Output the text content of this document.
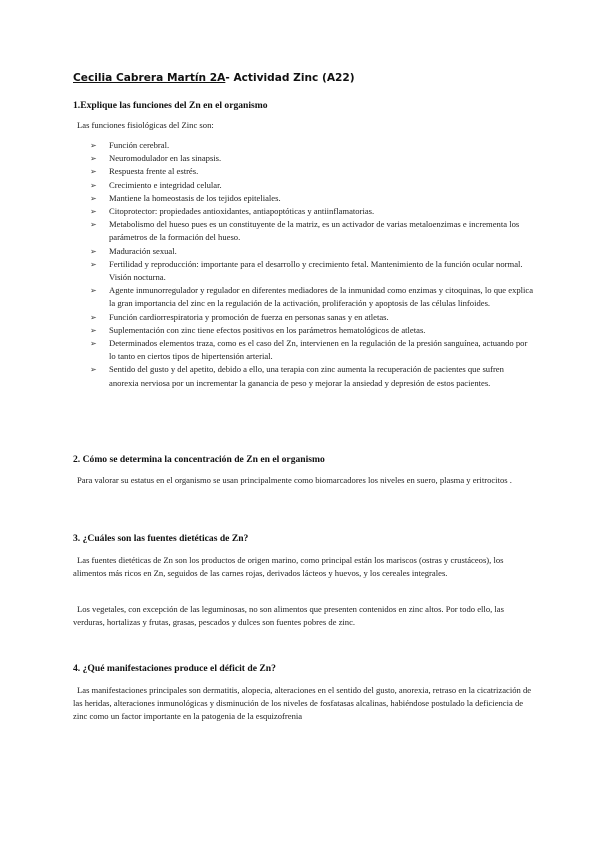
Cecilia Cabrera Martín 2A- Actividad Zinc (A22)
1.Explique las funciones del Zn en el organismo
Las funciones fisiológicas del Zinc son:
➢ Función cerebral.
➢ Neuromodulador en las sinapsis.
➢ Respuesta frente al estrés.
➢ Crecimiento e integridad celular.
➢ Mantiene la homeostasis de los tejidos epiteliales.
➢ Citoprotector: propiedades antioxidantes, antiapoptóticas y antiinflamatorias.
➢ Metabolismo del hueso pues es un constituyente de la matriz, es un activador de varias metaloenzimas e incrementa los parámetros de la formación del hueso.
➢ Maduración sexual.
➢ Fertilidad y reproducción: importante para el desarrollo y crecimiento fetal. Mantenimiento de la función ocular normal. Visión nocturna.
➢ Agente inmunorregulador y regulador en diferentes mediadores de la inmunidad como enzimas y citoquinas, lo que explica la gran importancia del zinc en la regulación de la activación, proliferación y apoptosis de las células linfoides.
➢ Función cardiorrespiratoria y promoción de fuerza en personas sanas y en atletas.
➢ Suplementación con zinc tiene efectos positivos en los parámetros hematológicos de atletas.
➢ Determinados elementos traza, como es el caso del Zn, intervienen en la regulación de la presión sanguínea, actuando por lo tanto en ciertos tipos de hipertensión arterial.
➢ Sentido del gusto y del apetito, debido a ello, una terapia con zinc aumenta la recuperación de pacientes que sufren anorexia nerviosa por un incrementar la ganancia de peso y mejorar la ansiedad y depresión de estos pacientes.
2. Cómo se determina la concentración de Zn en el organismo
Para valorar su estatus en el organismo se usan principalmente como biomarcadores los niveles en suero, plasma y eritrocitos .
3. ¿Cuáles son las fuentes dietéticas de Zn?
Las fuentes dietéticas de Zn son los productos de origen marino, como principal están los mariscos (ostras y crustáceos), los alimentos más ricos en Zn, seguidos de las carnes rojas, derivados lácteos y huevos, y los cereales integrales.
Los vegetales, con excepción de las leguminosas, no son alimentos que presenten contenidos en zinc altos. Por todo ello, las verduras, hortalizas y frutas, grasas, pescados y dulces son fuentes pobres de zinc.
4. ¿Qué manifestaciones produce el déficit de Zn?
Las manifestaciones principales son dermatitis, alopecia, alteraciones en el sentido del gusto, anorexia, retraso en la cicatrización de las heridas, alteraciones inmunológicas y disminución de los niveles de fosfatasas alcalinas, habiéndose postulado la deficiencia de zinc como un factor importante en la patogenia de la esquizofrenia
